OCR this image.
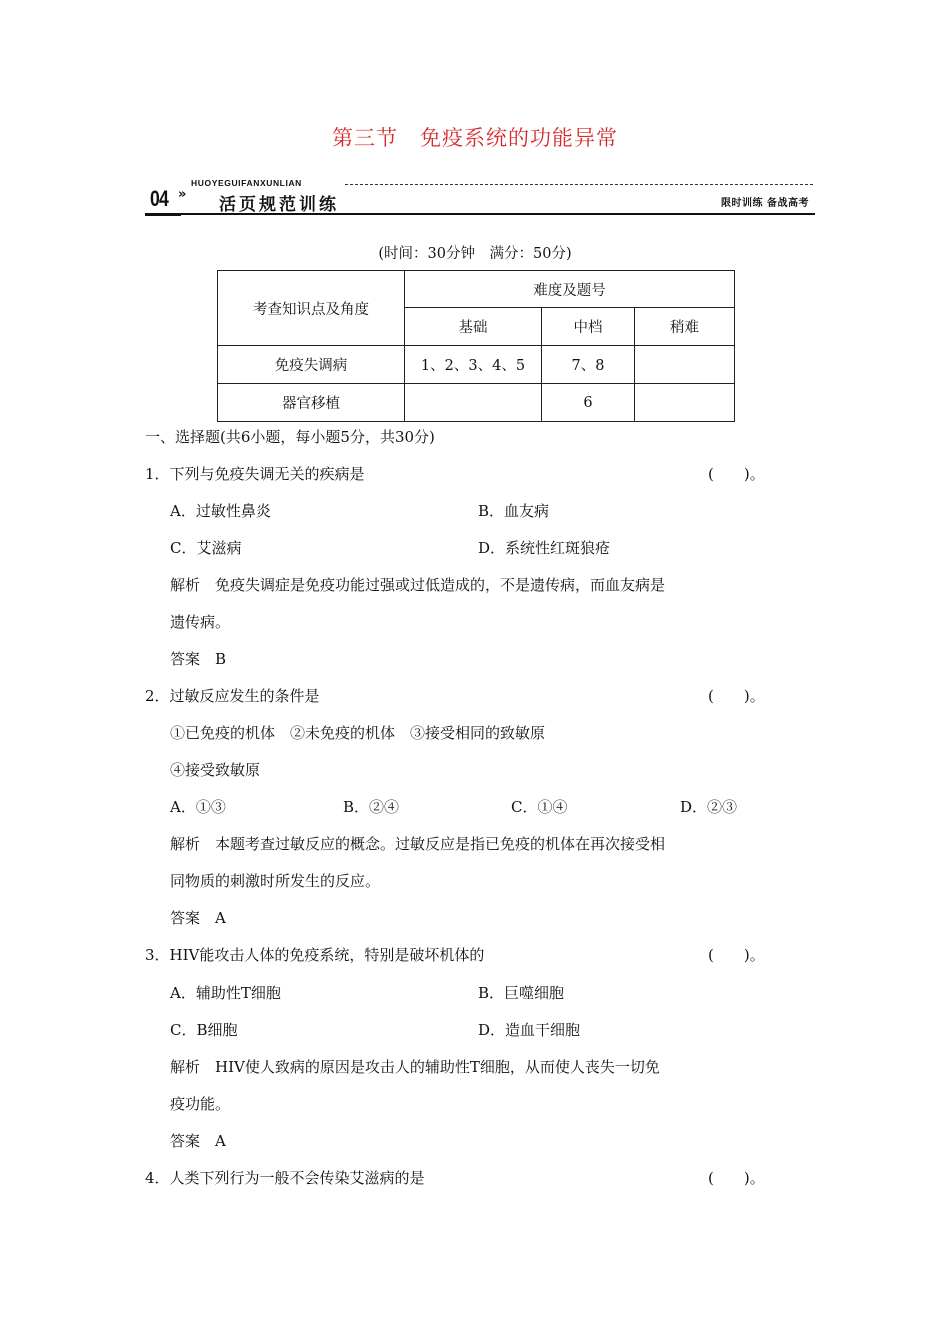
第三节　免疫系统的功能异常
04 »
HUOYEGUIFANXUNLIAN
活页规范训练	限时训练 备战高考
(时间：30分钟　满分：50分)
考查知识点及角度	难度及题号		
	基础	中档	稍难
免疫失调病	1、2、3、4、5	7、8	
器官移植		6	
一、选择题(共6小题，每小题5分，共30分)
1．下列与免疫失调无关的疾病是	(　　)。
A．过敏性鼻炎	B．血友病
C．艾滋病	D．系统性红斑狼疮
解析　免疫失调症是免疫功能过强或过低造成的，不是遗传病，而血友病是
遗传病。
答案　B
2．过敏反应发生的条件是	(　　)。
①已免疫的机体　②未免疫的机体　③接受相同的致敏原
④接受致敏原
A．①③	B．②④	C．①④	D．②③
解析　本题考查过敏反应的概念。过敏反应是指已免疫的机体在再次接受相
同物质的刺激时所发生的反应。
答案　A
3．HIV能攻击人体的免疫系统，特别是破坏机体的	(　　)。
A．辅助性T细胞	B．巨噬细胞
C．B细胞	D．造血干细胞
解析　HIV使人致病的原因是攻击人的辅助性T细胞，从而使人丧失一切免
疫功能。
答案　A
4．人类下列行为一般不会传染艾滋病的是	(　　)。
